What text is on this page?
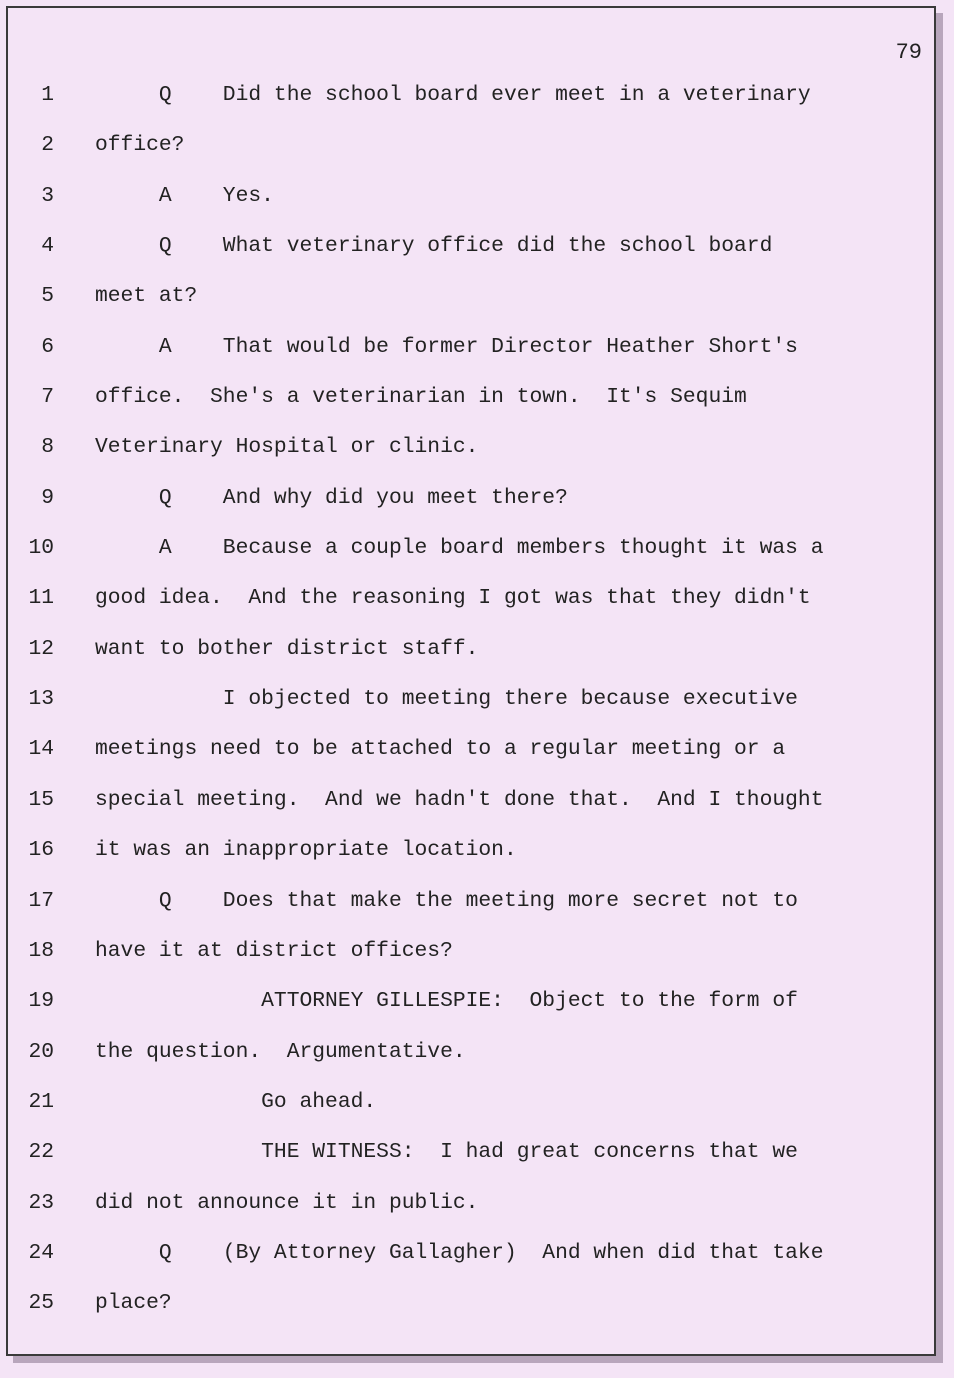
79
1 Q    Did the school board ever meet in a veterinary
2 office?
3 A    Yes.
4 Q    What veterinary office did the school board
5 meet at?
6 A    That would be former Director Heather Short's
7 office.  She's a veterinarian in town.  It's Sequim
8 Veterinary Hospital or clinic.
9 Q    And why did you meet there?
10 A    Because a couple board members thought it was a
11 good idea.  And the reasoning I got was that they didn't
12 want to bother district staff.
13 I objected to meeting there because executive
14 meetings need to be attached to a regular meeting or a
15 special meeting.  And we hadn't done that.  And I thought
16 it was an inappropriate location.
17 Q    Does that make the meeting more secret not to
18 have it at district offices?
19 ATTORNEY GILLESPIE:  Object to the form of
20 the question.  Argumentative.
21 Go ahead.
22 THE WITNESS:  I had great concerns that we
23 did not announce it in public.
24 Q    (By Attorney Gallagher)  And when did that take
25 place?
